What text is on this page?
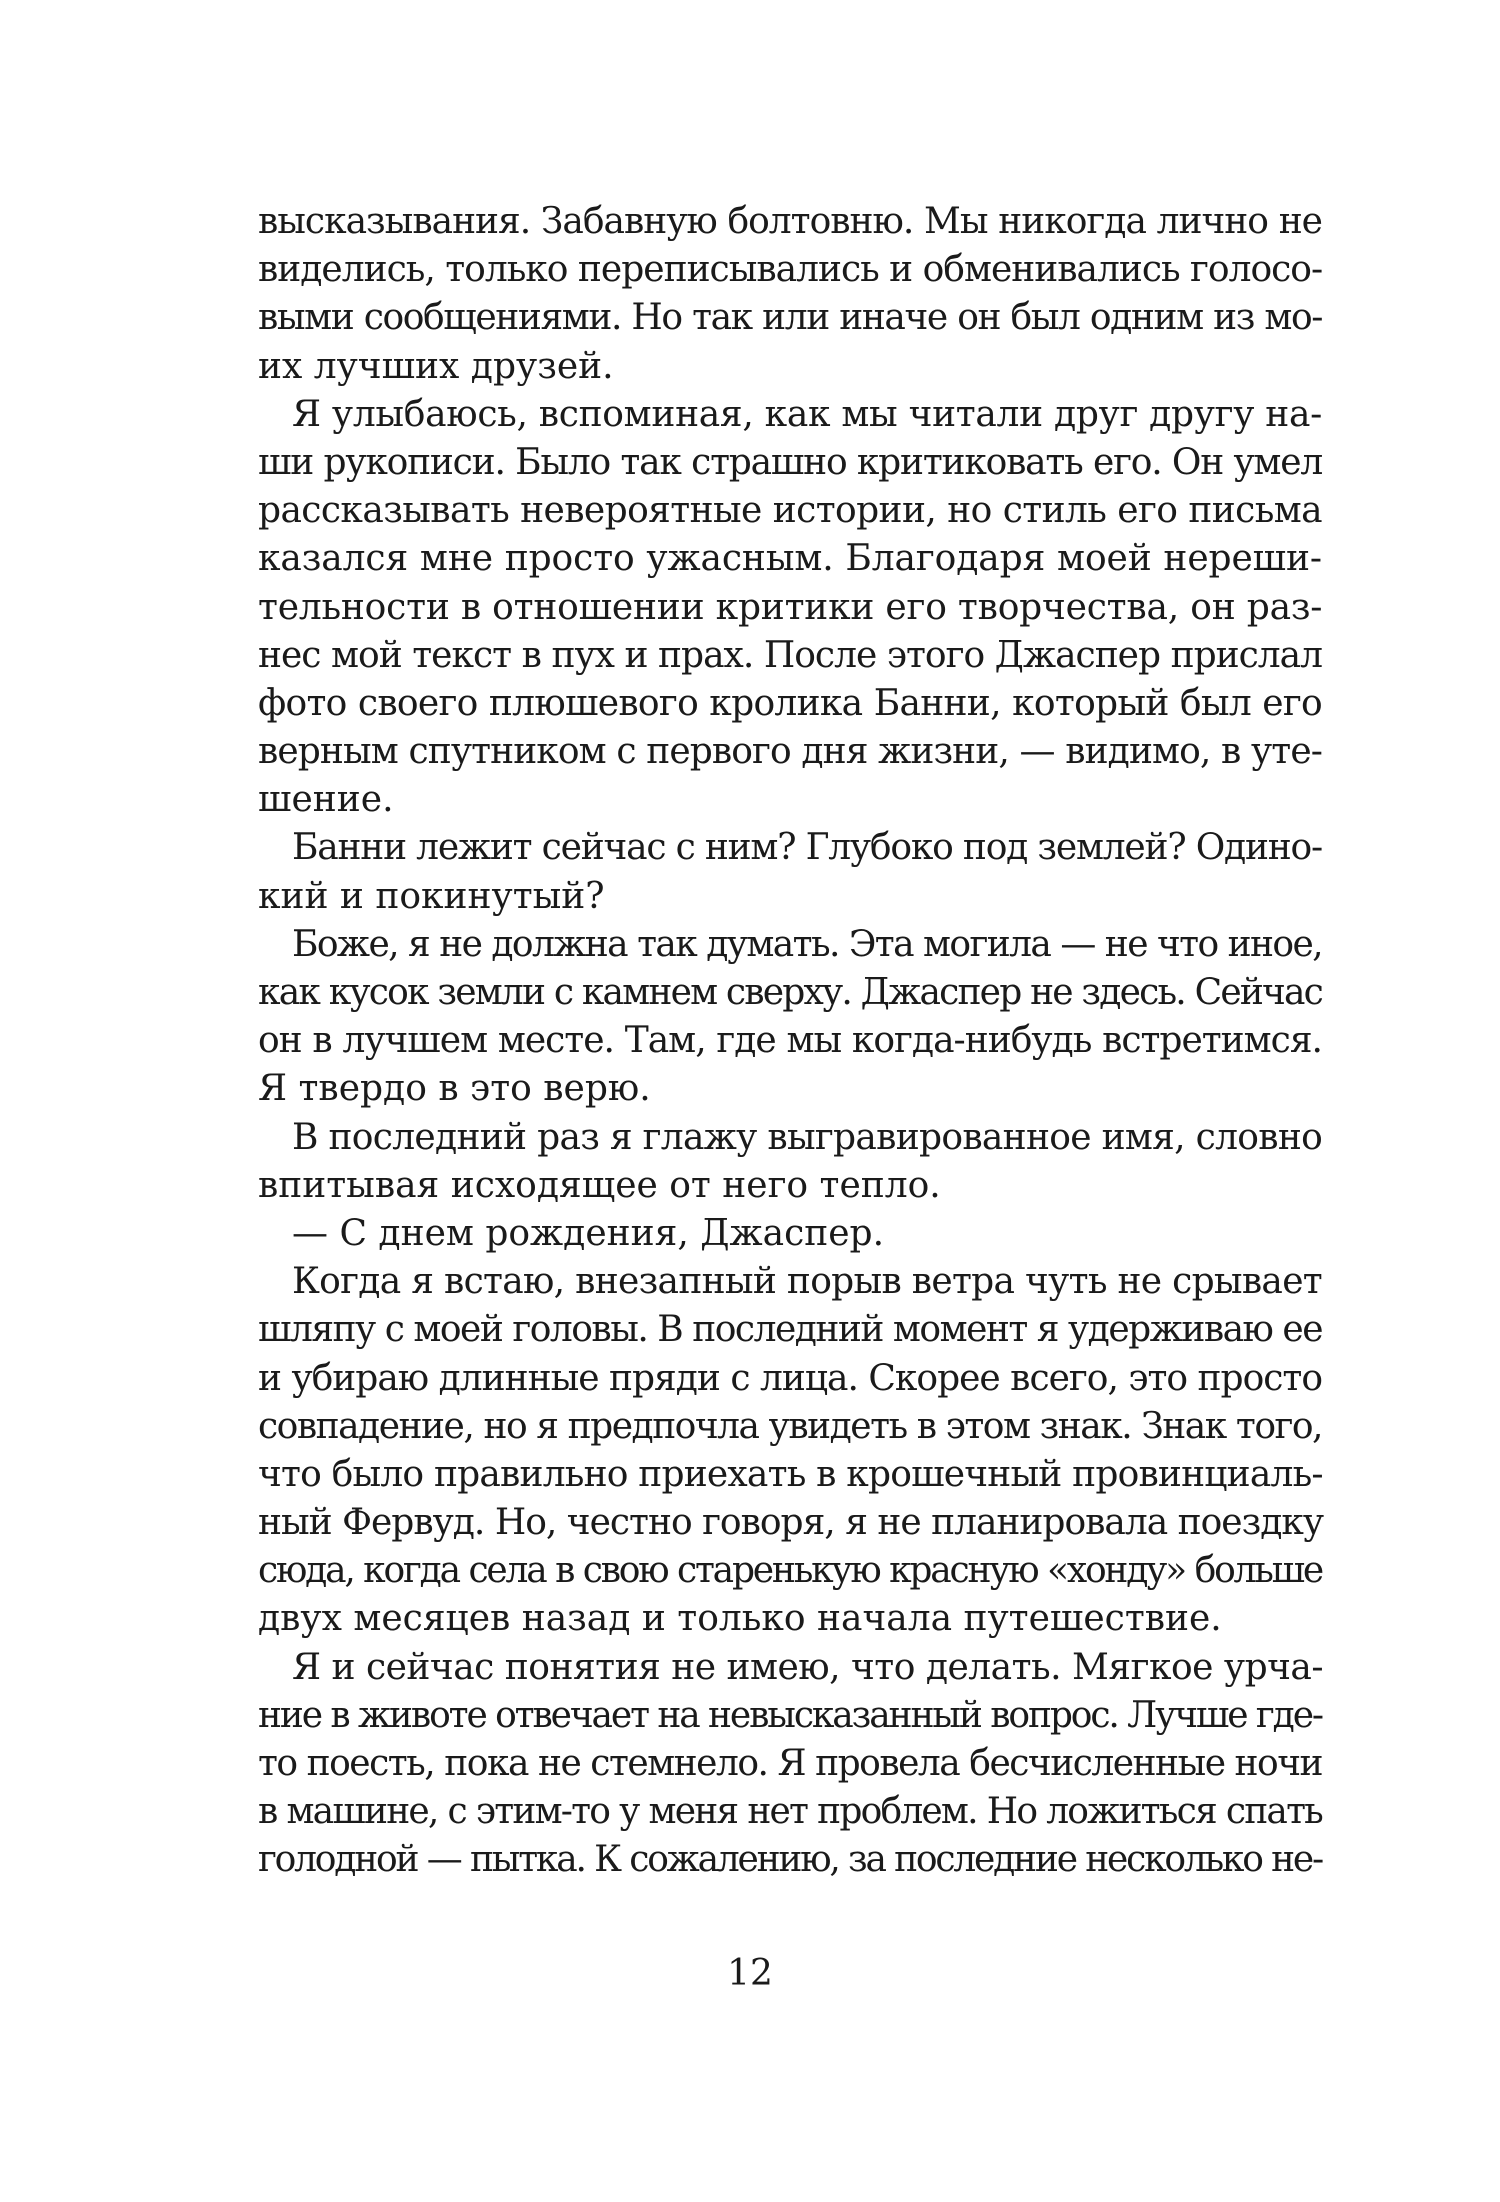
высказывания. Забавную болтовню. Мы никогда лично не
виделись, только переписывались и обменивались голосо-
выми сообщениями. Но так или иначе он был одним из мо-
их лучших друзей.
Я улыбаюсь, вспоминая, как мы читали друг другу на-
ши рукописи. Было так страшно критиковать его. Он умел
рассказывать невероятные истории, но стиль его письма
казался мне просто ужасным. Благодаря моей нереши-
тельности в отношении критики его творчества, он раз-
нес мой текст в пух и прах. После этого Джаспер прислал
фото своего плюшевого кролика Банни, который был его
верным спутником с первого дня жизни, — видимо, в уте-
шение.
Банни лежит сейчас с ним? Глубоко под землей? Одино-
кий и покинутый?
Боже, я не должна так думать. Эта могила — не что иное,
как кусок земли с камнем сверху. Джаспер не здесь. Сейчас
он в лучшем месте. Там, где мы когда-нибудь встретимся.
Я твердо в это верю.
В последний раз я глажу выгравированное имя, словно
впитывая исходящее от него тепло.
— С днем рождения, Джаспер.
Когда я встаю, внезапный порыв ветра чуть не срывает
шляпу с моей головы. В последний момент я удерживаю ее
и убираю длинные пряди с лица. Скорее всего, это просто
совпадение, но я предпочла увидеть в этом знак. Знак того,
что было правильно приехать в крошечный провинциаль-
ный Фервуд. Но, честно говоря, я не планировала поездку
сюда, когда села в свою старенькую красную «хонду» больше
двух месяцев назад и только начала путешествие.
Я и сейчас понятия не имею, что делать. Мягкое урча-
ние в животе отвечает на невысказанный вопрос. Лучше где-
то поесть, пока не стемнело. Я провела бесчисленные ночи
в машине, с этим-то у меня нет проблем. Но ложиться спать
голодной — пытка. К сожалению, за последние несколько не-
12
